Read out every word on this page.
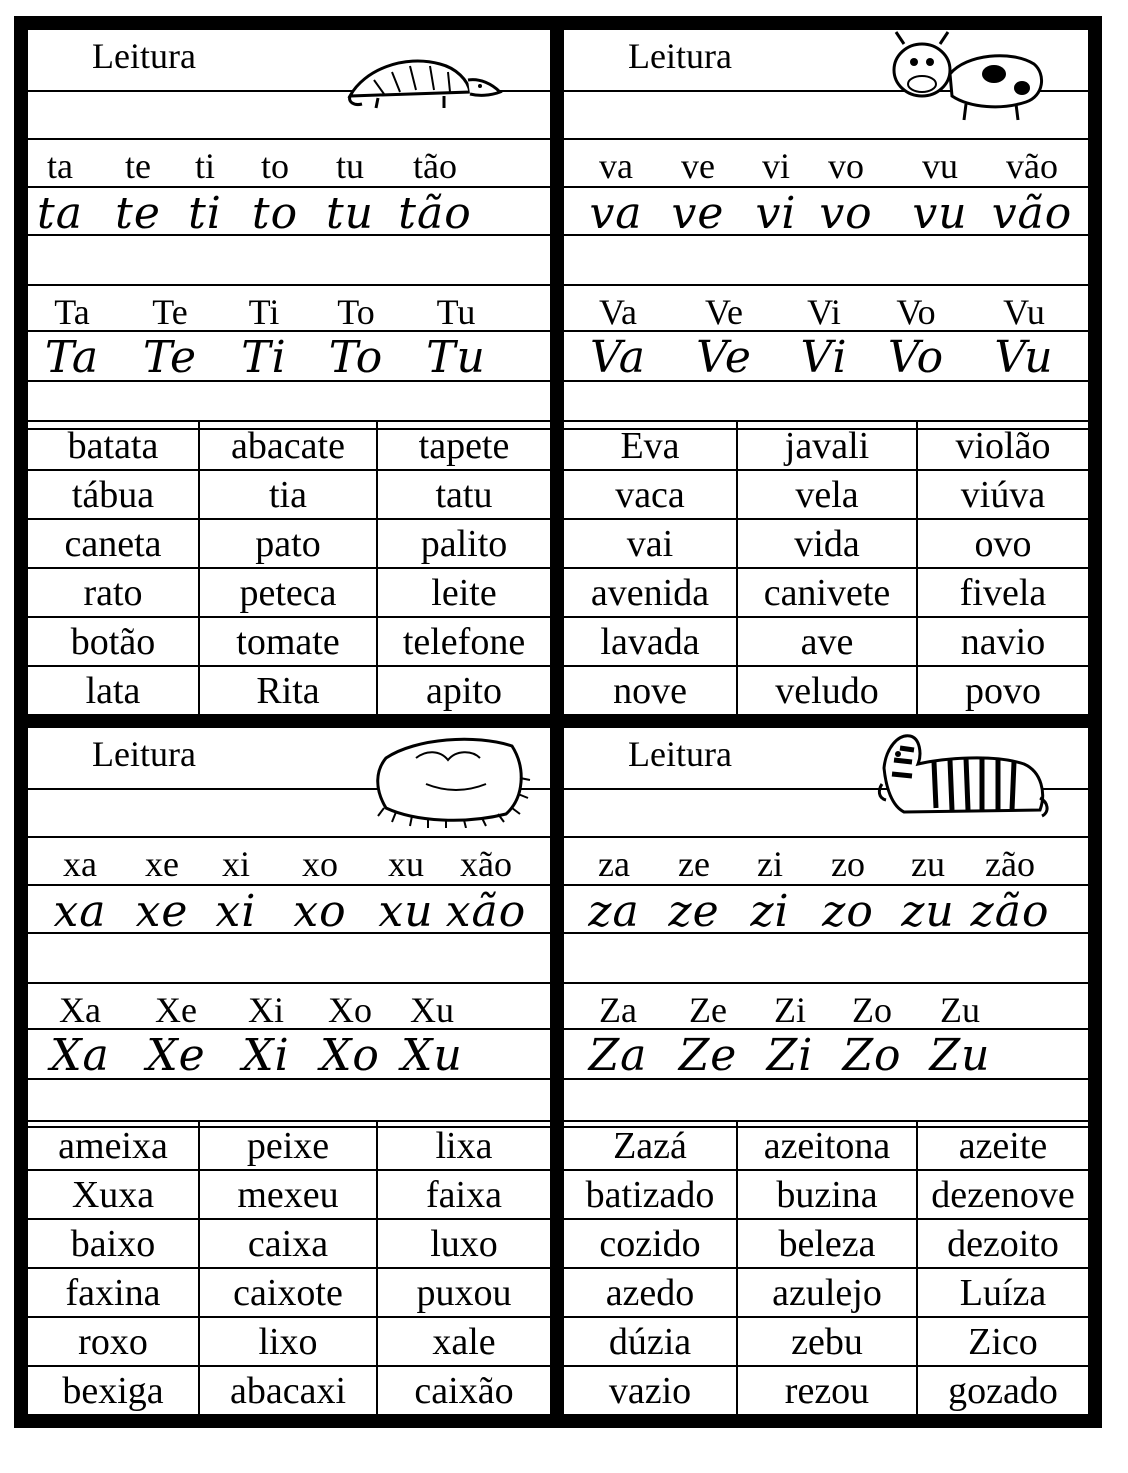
Leitura
ta te ti to tu tão
ta te ti to tu tão
Ta Te Ti To Tu
Ta Te Ti To Tu
batata	abacate	tapete
tábua	tia	tatu
caneta	pato	palito
rato	peteca	leite
botão	tomate	telefone
lata	Rita	apito
Leitura
va ve vi vo vu vão
va ve vi vo vu vão
Va Ve Vi Vo Vu
Va Ve Vi Vo Vu
Eva	javali	violão
vaca	vela	viúva
vai	vida	ovo
avenida	canivete	fivela
lavada	ave	navio
nove	veludo	povo
Leitura
xa xe xi xo xu xão
xa xe xi xo xu xão
Xa Xe Xi Xo Xu
Xa Xe Xi Xo Xu
ameixa	peixe	lixa
Xuxa	mexeu	faixa
baixo	caixa	luxo
faxina	caixote	puxou
roxo	lixo	xale
bexiga	abacaxi	caixão
Leitura
za ze zi zo zu zão
za ze zi zo zu zão
Za Ze Zi Zo Zu
Za Ze Zi Zo Zu
Zazá	azeitona	azeite
batizado	buzina	dezenove
cozido	beleza	dezoito
azedo	azulejo	Luíza
dúzia	zebu	Zico
vazio	rezou	gozado
